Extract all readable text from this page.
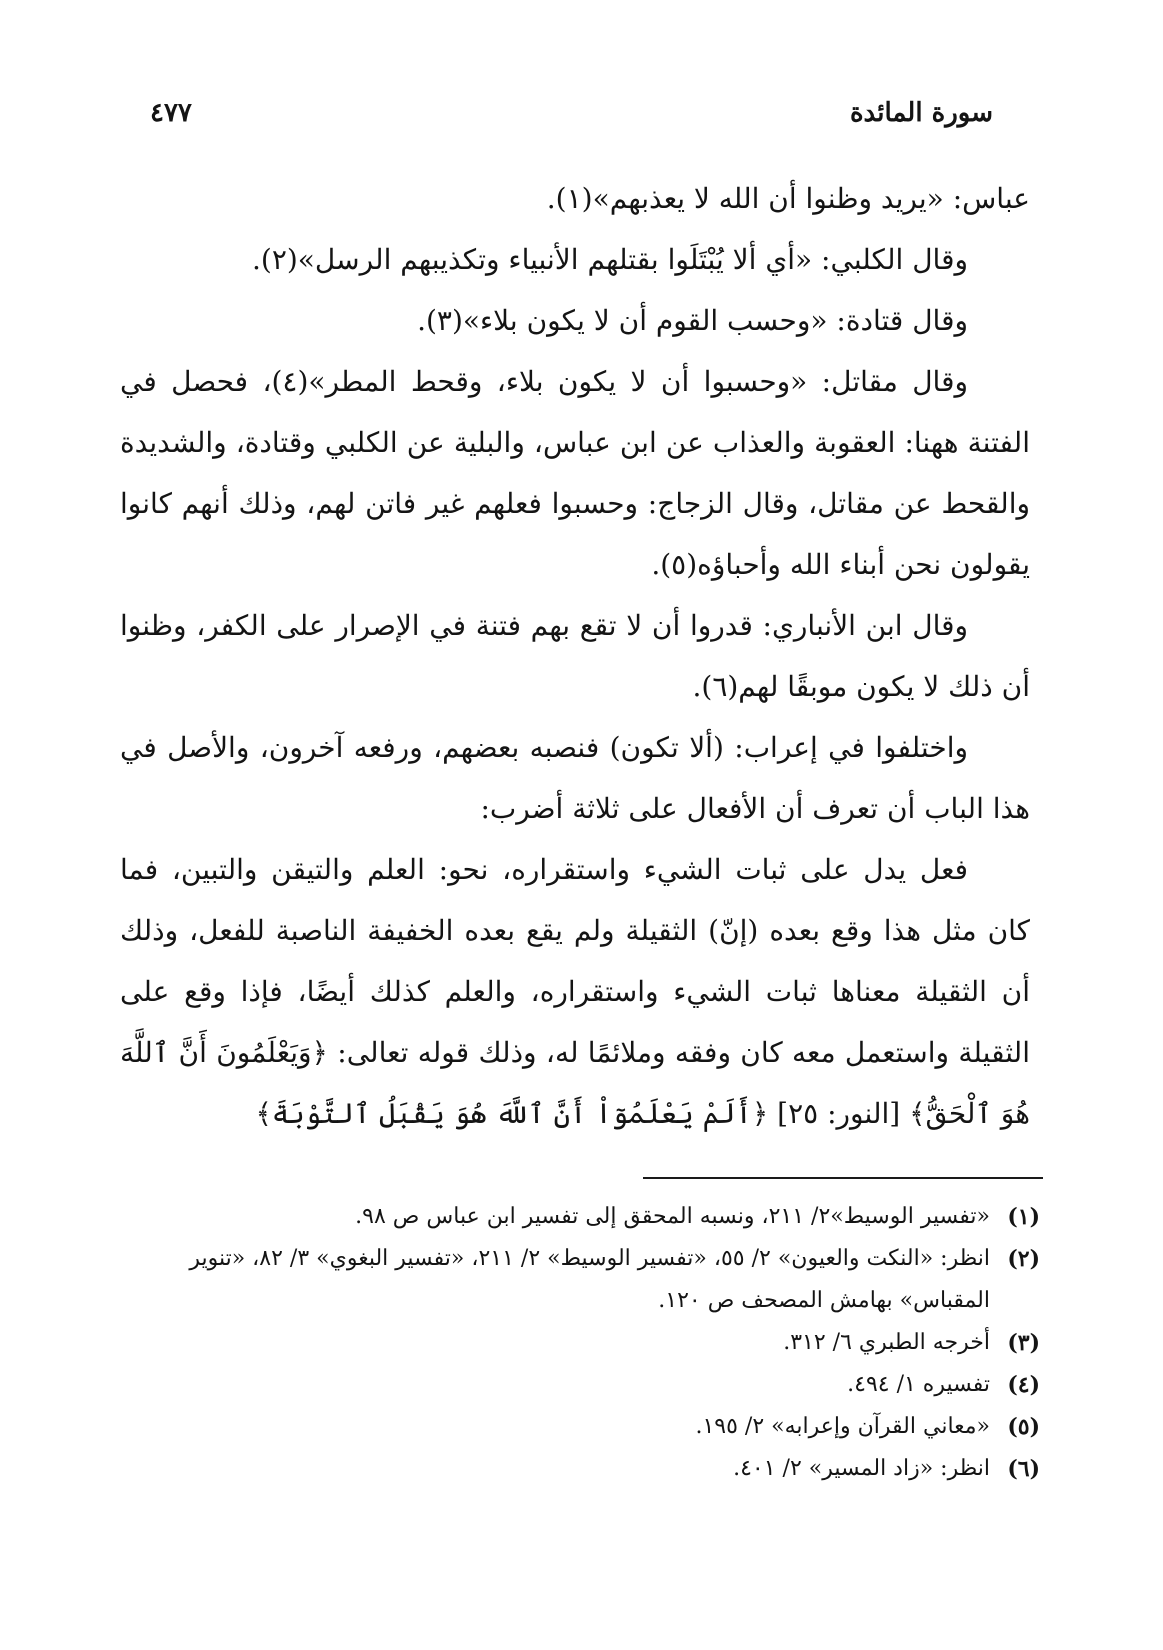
سورة المائدة
٤٧٧

عباس: «يريد وظنوا أن الله لا يعذبهم»(١).

وقال الكلبي: «أي ألا يُبْتَلَوا بقتلهم الأنبياء وتكذيبهم الرسل»(٢).

وقال قتادة: «وحسب القوم أن لا يكون بلاء»(٣).

وقال مقاتل: «وحسبوا أن لا يكون بلاء، وقحط المطر»(٤)، فحصل في الفتنة ههنا: العقوبة والعذاب عن ابن عباس، والبلية عن الكلبي وقتادة، والشديدة والقحط عن مقاتل، وقال الزجاج: وحسبوا فعلهم غير فاتن لهم، وذلك أنهم كانوا يقولون نحن أبناء الله وأحباؤه(٥).

وقال ابن الأنباري: قدروا أن لا تقع بهم فتنة في الإصرار على الكفر، وظنوا أن ذلك لا يكون موبقًا لهم(٦).

واختلفوا في إعراب: (ألا تكون) فنصبه بعضهم، ورفعه آخرون، والأصل في هذا الباب أن تعرف أن الأفعال على ثلاثة أضرب:

فعل يدل على ثبات الشيء واستقراره، نحو: العلم والتيقن والتبين، فما كان مثل هذا وقع بعده (إنّ) الثقيلة ولم يقع بعده الخفيفة الناصبة للفعل، وذلك أن الثقيلة معناها ثبات الشيء واستقراره، والعلم كذلك أيضًا، فإذا وقع على الثقيلة واستعمل معه كان وفقه وملائمًا له، وذلك قوله تعالى: ﴿وَيَعْلَمُونَ أَنَّ ٱللَّهَ هُوَ ٱلْحَقُّ﴾ [النور: ٢٥] ﴿أَلَمْ يَعْلَمُوٓاْ أَنَّ ٱللَّهَ هُوَ يَقْبَلُ ٱلتَّوْبَةَ﴾

(١)
«تفسير الوسيط»٢/ ٢١١، ونسبه المحقق إلى تفسير ابن عباس ص ٩٨.
(٢)
انظر: «النكت والعيون» ٢/ ٥٥، «تفسير الوسيط» ٢/ ٢١١، «تفسير البغوي» ٣/ ٨٢، «تنوير المقباس» بهامش المصحف ص ١٢٠.
(٣)
أخرجه الطبري ٦/ ٣١٢.
(٤)
تفسيره ١/ ٤٩٤.
(٥)
«معاني القرآن وإعرابه» ٢/ ١٩٥.
(٦)
انظر: «زاد المسير» ٢/ ٤٠١.
